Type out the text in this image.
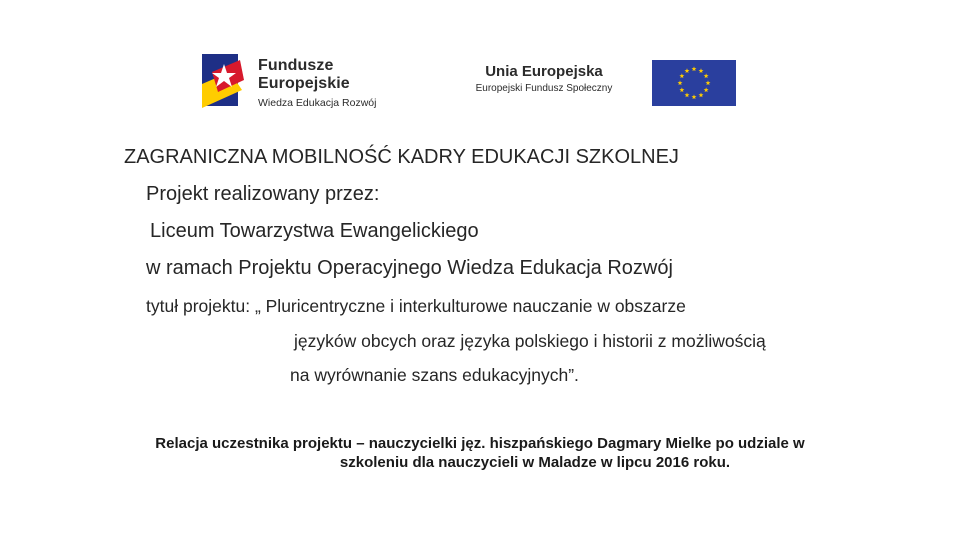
Fundusze
Europejskie
Wiedza Edukacja Rozwój
Unia Europejska
Europejski Fundusz Społeczny
ZAGRANICZNA MOBILNOŚĆ KADRY EDUKACJI SZKOLNEJ
Projekt realizowany przez:
Liceum Towarzystwa Ewangelickiego
w ramach Projektu Operacyjnego Wiedza Edukacja Rozwój
tytuł projektu: „ Pluricentryczne i interkulturowe nauczanie w obszarze
języków obcych oraz języka polskiego i historii z możliwością
na wyrównanie szans edukacyjnych”.
Relacja uczestnika projektu – nauczycielki jęz. hiszpańskiego Dagmary Mielke po udziale w
szkoleniu dla nauczycieli w Maladze w lipcu 2016 roku.
